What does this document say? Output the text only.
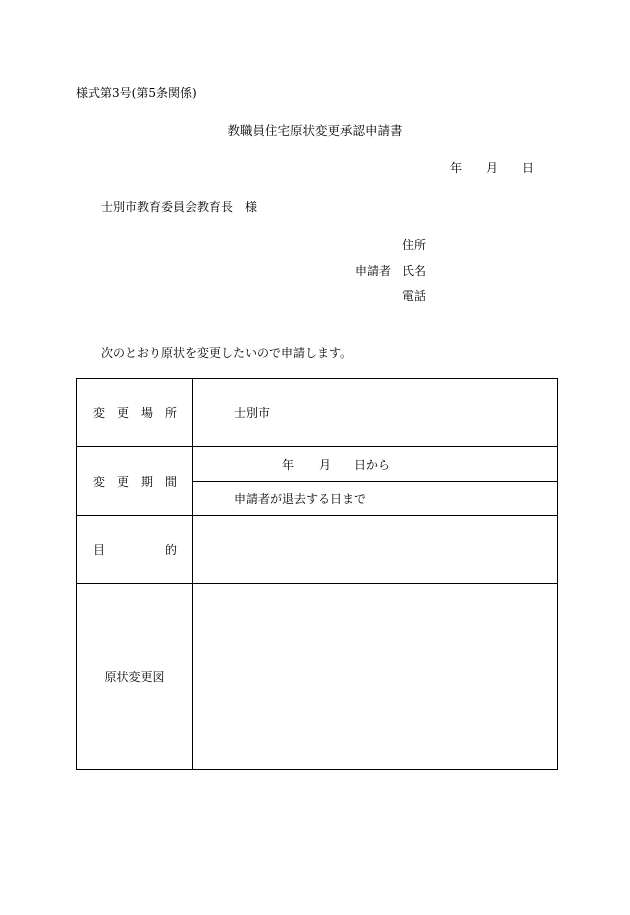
様式第3号(第5条関係)
教職員住宅原状変更承認申請書
年 月 日
士別市教育委員会教育長　様
住所
申請者 氏名
電話
次のとおり原状を変更したいので申請します。
変 更 場 所	士別市

変 更 期 間	年 月 日から

	申請者が退去する日まで

目 的	

原状変更図	
